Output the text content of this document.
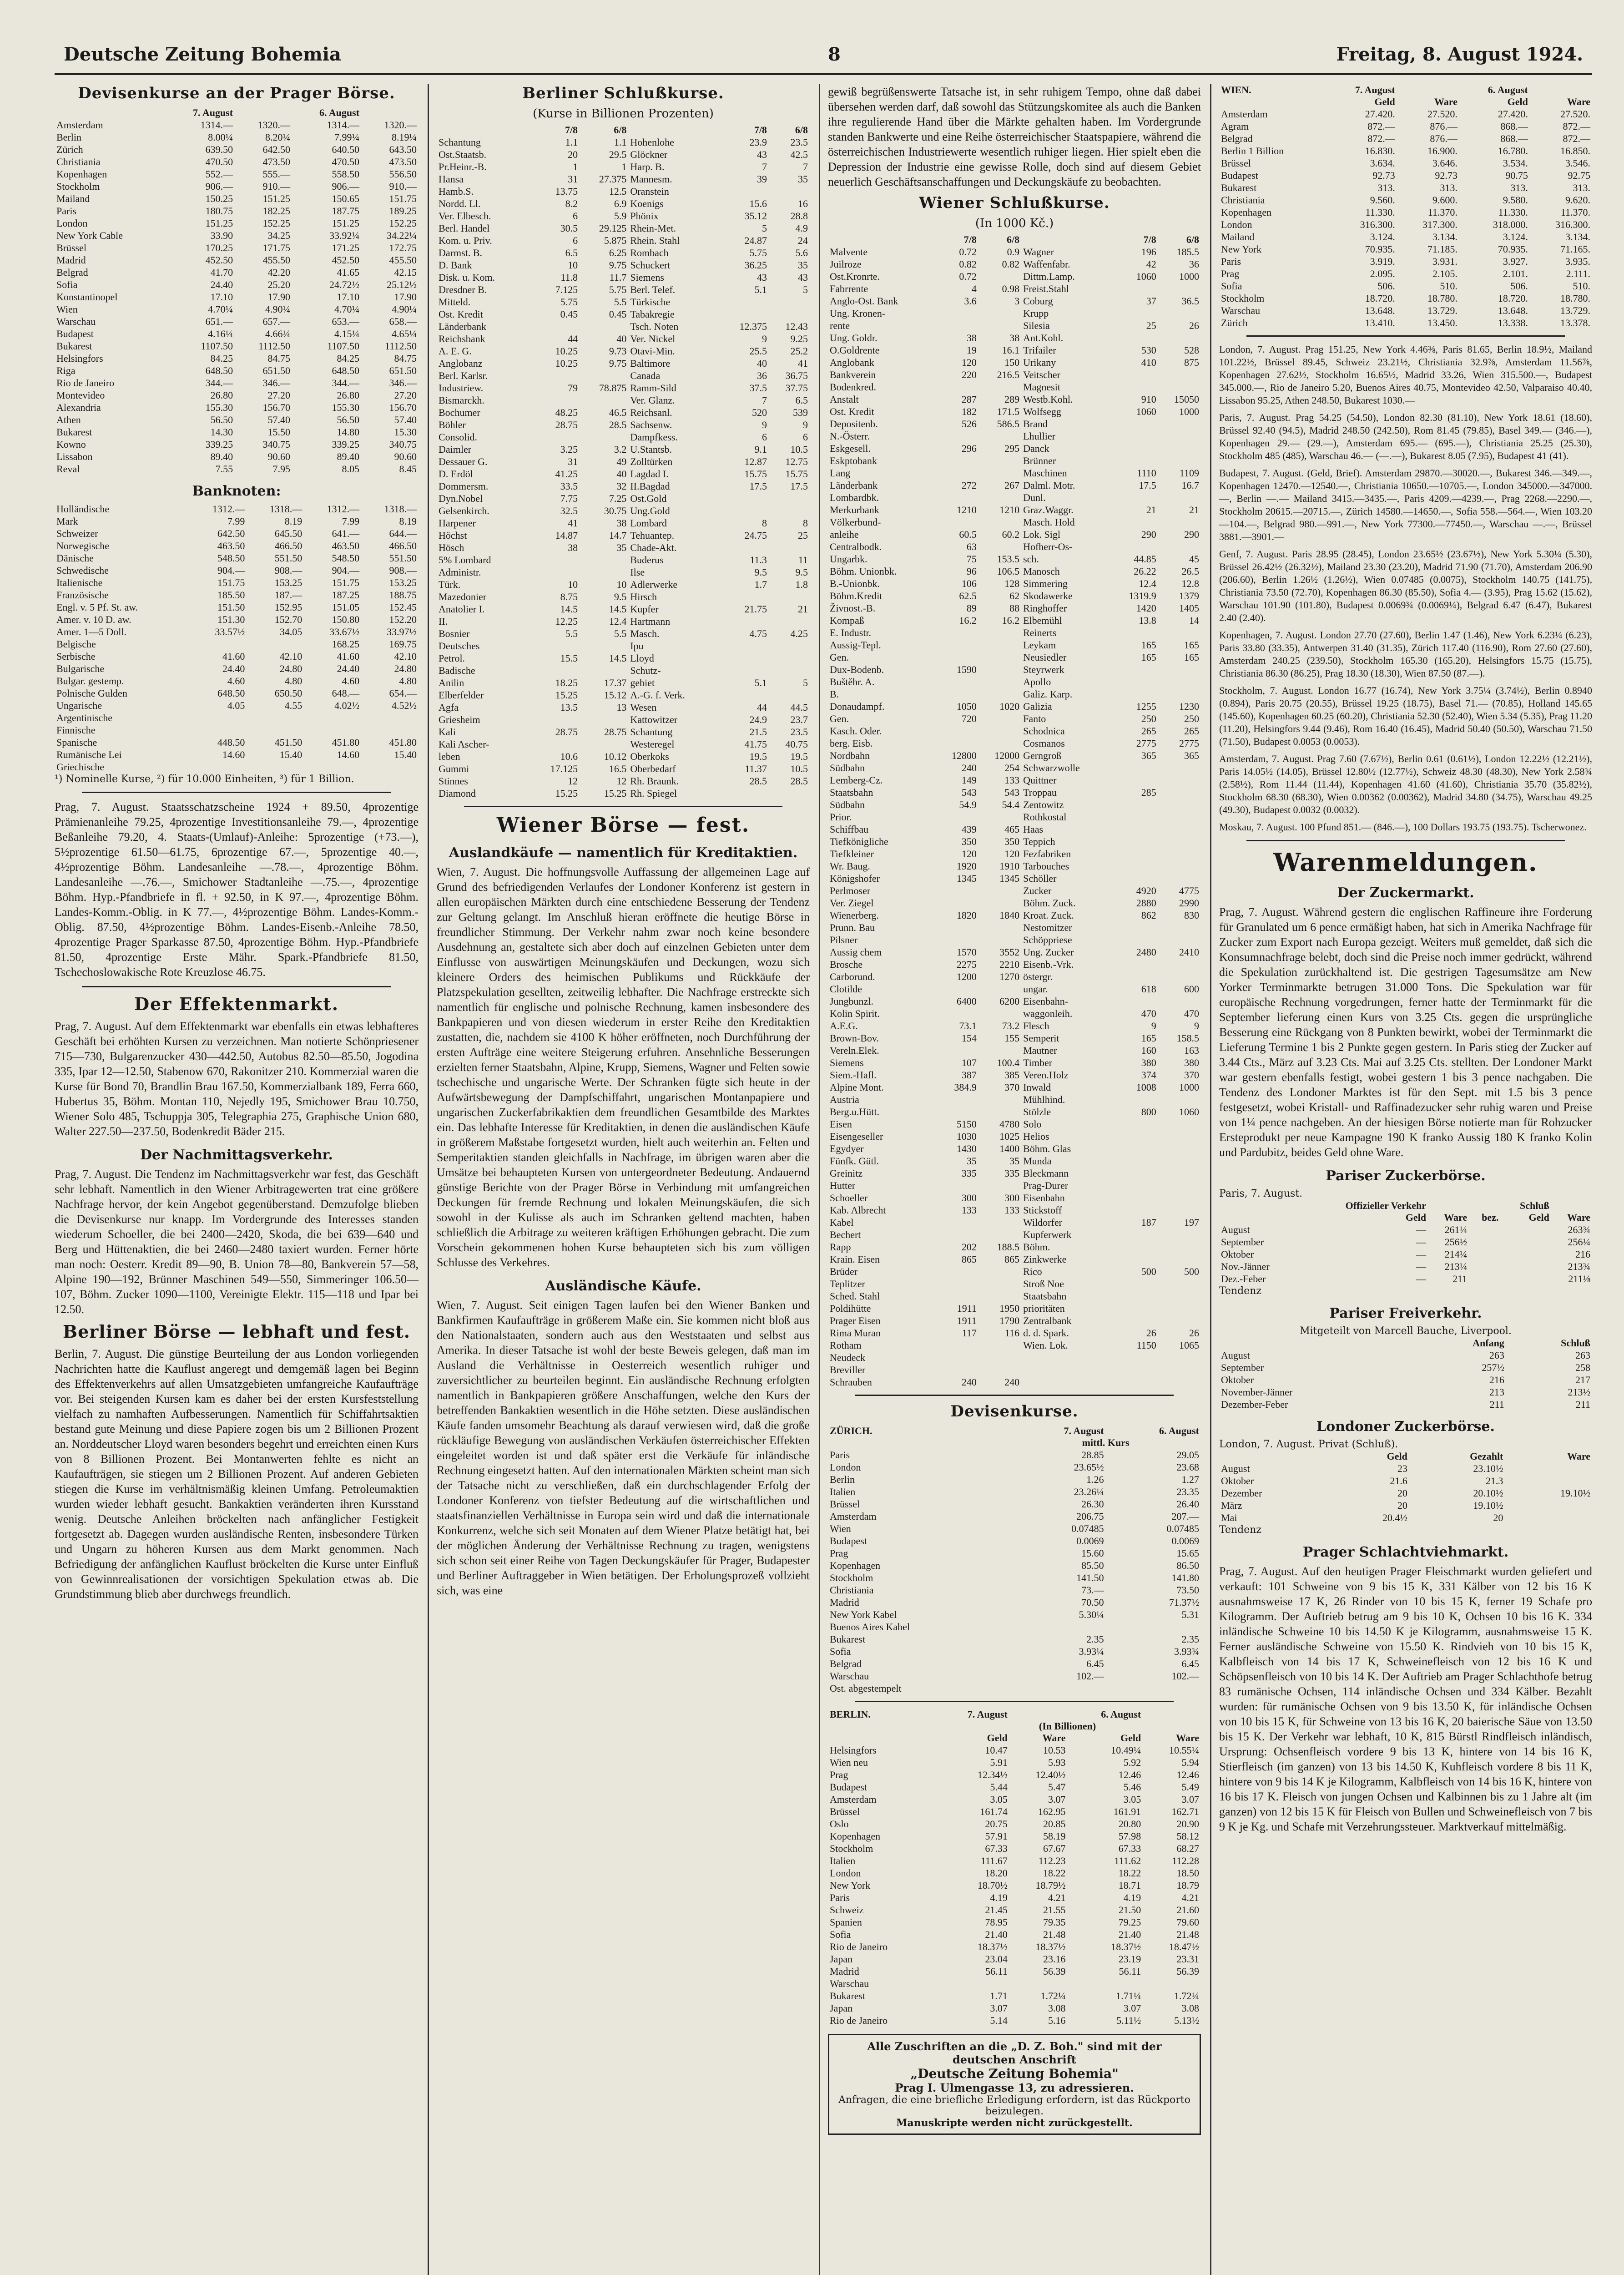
Deutsche Zeitung Bohemia	8	Freitag, 8. August 1924.
Devisenkurse an der Prager Börse.
	7. August		6. August	
Amsterdam	1314.—	1320.—	1314.—	1320.—
Berlin	8.00¼	8.20¼	7.99¼	8.19¼
Zürich	639.50	642.50	640.50	643.50
Christiania	470.50	473.50	470.50	473.50
Kopenhagen	552.—	555.—	558.50	556.50
Stockholm	906.—	910.—	906.—	910.—
Mailand	150.25	151.25	150.65	151.75
Paris	180.75	182.25	187.75	189.25
London	151.25	152.25	151.25	152.25
New York Cable	33.90	34.25	33.92¼	34.22¼
Brüssel	170.25	171.75	171.25	172.75
Madrid	452.50	455.50	452.50	455.50
Belgrad	41.70	42.20	41.65	42.15
Sofia	24.40	25.20	24.72½	25.12½
Konstantinopel	17.10	17.90	17.10	17.90
Wien	4.70¼	4.90¼	4.70¼	4.90¼
Warschau	651.—	657.—	653.—	658.—
Budapest	4.16¼	4.66¼	4.15¼	4.65¼
Bukarest	1107.50	1112.50	1107.50	1112.50
Helsingfors	84.25	84.75	84.25	84.75
Riga	648.50	651.50	648.50	651.50
Rio de Janeiro	344.—	346.—	344.—	346.—
Montevideo	26.80	27.20	26.80	27.20
Alexandria	155.30	156.70	155.30	156.70
Athen	56.50	57.40	56.50	57.40
Bukarest	14.30	15.50	14.80	15.30
Kowno	339.25	340.75	339.25	340.75
Lissabon	89.40	90.60	89.40	90.60
Reval	7.55	7.95	8.05	8.45
Banknoten:
Holländische	1312.—	1318.—	1312.—	1318.—
Mark	7.99	8.19	7.99	8.19
Schweizer	642.50	645.50	641.—	644.—
Norwegische	463.50	466.50	463.50	466.50
Dänische	548.50	551.50	548.50	551.50
Schwedische	904.—	908.—	904.—	908.—
Italienische	151.75	153.25	151.75	153.25
Französische	185.50	187.—	187.25	188.75
Engl. v. 5 Pf. St. aw.	151.50	152.95	151.05	152.45
Amer. v. 10 D. aw.	151.30	152.70	150.80	152.20
Amer. 1—5 Doll.	33.57½	34.05	33.67½	33.97½
Belgische			168.25	169.75
Serbische	41.60	42.10	41.60	42.10
Bulgarische	24.40	24.80	24.40	24.80
Bulgar. gestemp.	4.60	4.80	4.60	4.80
Polnische Gulden	648.50	650.50	648.—	654.—
Ungarische	4.05	4.55	4.02½	4.52½
Argentinische				
Finnische				
Spanische	448.50	451.50	451.80	451.80
Rumänische Lei	14.60	15.40	14.60	15.40
Griechische				
¹) Nominelle Kurse, ²) für 10.000 Einheiten, ³) für 1 Billion.

Prag, 7. August. Staatsschatzscheine 1924 + 89.50, 4prozentige Prämienanleihe 79.25, 4prozentige Investitionsanleihe 79.—, 4prozentige Beßanleihe 79.20, 4. Staats-(Umlauf)-Anleihe: 5prozentige (+73.—), 5½prozentige 61.50—61.75, 6prozentige 67.—, 5prozentige 40.—, 4½prozentige Böhm. Landesanleihe —.78.—, 4prozentige Böhm. Landesanleihe —.76.—, Smichower Stadtanleihe —.75.—, 4prozentige Böhm. Hyp.-Pfandbriefe in fl. + 92.50, in K 97.—, 4prozentige Böhm. Landes-Komm.-Oblig. in K 77.—, 4½prozentige Böhm. Landes-Komm.-Oblig. 87.50, 4½prozentige Böhm. Landes-Eisenb.-Anleihe 78.50, 4prozentige Prager Sparkasse 87.50, 4prozentige Böhm. Hyp.-Pfandbriefe 81.50, 4prozentige Erste Mähr. Spark.-Pfandbriefe 81.50, Tschechoslowakische Rote Kreuzlose 46.75.

Der Effektenmarkt.

Prag, 7. August. Auf dem Effektenmarkt war ebenfalls ein etwas lebhafteres Geschäft bei erhöhten Kursen zu verzeichnen. Man notierte Schönpriesener 715—730, Bulgarenzucker 430—442.50, Autobus 82.50—85.50, Jogodina 335, Ipar 12—12.50, Stabenow 670, Rakonitzer 210. Kommerzial waren die Kurse für Bond 70, Brandlin Brau 167.50, Kommerzialbank 189, Ferra 660, Hubertus 35, Böhm. Montan 110, Nejedly 195, Smichower Brau 10.750, Wiener Solo 485, Tschuppja 305, Telegraphia 275, Graphische Union 680, Walter 227.50—237.50, Bodenkredit Bäder 215.

Der Nachmittagsverkehr.

Prag, 7. August. Die Tendenz im Nachmittagsverkehr war fest, das Geschäft sehr lebhaft. Namentlich in den Wiener Arbitragewerten trat eine größere Nachfrage hervor, der kein Angebot gegenüberstand. Demzufolge blieben die Devisenkurse nur knapp. Im Vordergrunde des Interesses standen wiederum Schoeller, die bei 2400—2420, Skoda, die bei 639—640 und Berg und Hüttenaktien, die bei 2460—2480 taxiert wurden. Ferner hörte man noch: Oesterr. Kredit 89—90, B. Union 78—80, Bankverein 57—58, Alpine 190—192, Brünner Maschinen 549—550, Simmeringer 106.50—107, Böhm. Zucker 1090—1100, Vereinigte Elektr. 115—118 und Ipar bei 12.50.

Berliner Börse — lebhaft und fest.

Berlin, 7. August. Die günstige Beurteilung der aus London vorliegenden Nachrichten hatte die Kauflust angeregt und demgemäß lagen bei Beginn des Effektenverkehrs auf allen Umsatzgebieten umfangreiche Kaufaufträge vor. Bei steigenden Kursen kam es daher bei der ersten Kursfeststellung vielfach zu namhaften Aufbesserungen. Namentlich für Schiffahrtsaktien bestand gute Meinung und diese Papiere zogen bis um 2 Billionen Prozent an. Norddeutscher Lloyd waren besonders begehrt und erreichten einen Kurs von 8 Billionen Prozent. Bei Montanwerten fehlte es nicht an Kaufaufträgen, sie stiegen um 2 Billionen Prozent. Auf anderen Gebieten stiegen die Kurse im verhältnismäßig kleinen Umfang. Petroleumaktien wurden wieder lebhaft gesucht. Bankaktien veränderten ihren Kursstand wenig. Deutsche Anleihen bröckelten nach anfänglicher Festigkeit fortgesetzt ab. Dagegen wurden ausländische Renten, insbesondere Türken und Ungarn zu höheren Kursen aus dem Markt genommen. Nach Befriedigung der anfänglichen Kauflust bröckelten die Kurse unter Einfluß von Gewinnrealisationen der vorsichtigen Spekulation etwas ab. Die Grundstimmung blieb aber durchwegs freundlich.

Berliner Schlußkurse.
(Kurse in Billionen Prozenten)
	7/8	6/8		7/8	6/8
Schantung	1.1	1.1	Hohenlohe	23.9	23.5
Ost.Staatsb.	20	29.5	Glöckner	43	42.5
Pr.Heinr.-B.	1	1	Harp. B.	7	7
Hansa	31	27.375	Mannesm.	39	35
Hamb.S.	13.75	12.5	Oranstein		
Nordd. Ll.	8.2	6.9	Koenigs	15.6	16
Ver. Elbesch.	6	5.9	Phönix	35.12	28.8
Berl. Handel	30.5	29.125	Rhein-Met.	5	4.9
Kom. u. Priv.	6	5.875	Rhein. Stahl	24.87	24
Darmst. B.	6.5	6.25	Rombach	5.75	5.6
D. Bank	10	9.75	Schuckert	36.25	35
Disk. u. Kom.	11.8	11.7	Siemens	43	43
Dresdner B.	7.125	5.75	Berl. Telef.	5.1	5
Mitteld.	5.75	5.5	Türkische		
Ost. Kredit	0.45	0.45	Tabakregie		
Länderbank			Tsch. Noten	12.375	12.43
Reichsbank	44	40	Ver. Nickel	9	9.25
A. E. G.	10.25	9.73	Otavi-Min.	25.5	25.2
Anglobanz	10.25	9.75	Baltimore	40	41
Berl. Karlsr.			Canada	36	36.75
Industriew.	79	78.875	Ramm-Sild	37.5	37.75
Bismarckh.			Ver. Glanz.	7	6.5
Bochumer	48.25	46.5	Reichsanl.	520	539
Böhler	28.75	28.5	Sachsenw.	9	9
Consolid.			Dampfkess.	6	6
Daimler	3.25	3.2	U.Stantsb.	9.1	10.5
Dessauer G.	31	49	Zolltürken	12.87	12.75
D. Erdöl	41.25	40	Lagdad I.	15.75	15.75
Dommersm.	33.5	32	II.Bagdad	17.5	17.5
Dyn.Nobel	7.75	7.25	Ost.Gold		
Gelsenkirch.	32.5	30.75	Ung.Gold		
Harpener	41	38	Lombard	8	8
Höchst	14.87	14.7	Tehuantep.	24.75	25
Hösch	38	35	Chade-Akt.		
5% Lombard			Buderus	11.3	11
Administr.			Ilse	9.5	9.5
Türk.	10	10	Adlerwerke	1.7	1.8
Mazedonier	8.75	9.5	Hirsch		
Anatolier I.	14.5	14.5	Kupfer	21.75	21
II.	12.25	12.4	Hartmann		
Bosnier	5.5	5.5	Masch.	4.75	4.25
Deutsches			Ipu		
Petrol.	15.5	14.5	Lloyd		
Badische			Schutz-		
Anilin	18.25	17.37	gebiet	5.1	5
Elberfelder	15.25	15.12	A.-G. f. Verk.		
Agfa	13.5	13	Wesen	44	44.5
Griesheim			Kattowitzer	24.9	23.7
Kali	28.75	28.75	Schantung	21.5	23.5
Kali Ascher-			Westeregel	41.75	40.75
leben	10.6	10.12	Oberkoks	19.5	19.5
Gummi	17.125	16.5	Oberbedarf	11.37	10.5
Stinnes	12	12	Rh. Braunk.	28.5	28.5
Diamond	15.25	15.25	Rh. Spiegel		
Wiener Börse — fest.
Auslandkäufe — namentlich für Kreditaktien.

Wien, 7. August. Die hoffnungsvolle Auffassung der allgemeinen Lage auf Grund des befriedigenden Verlaufes der Londoner Konferenz ist gestern in allen europäischen Märkten durch eine entschiedene Besserung der Tendenz zur Geltung gelangt. Im Anschluß hieran eröffnete die heutige Börse in freundlicher Stimmung. Der Verkehr nahm zwar noch keine besondere Ausdehnung an, gestaltete sich aber doch auf einzelnen Gebieten unter dem Einflusse von auswärtigen Meinungskäufen und Deckungen, wozu sich kleinere Orders des heimischen Publikums und Rückkäufe der Platzspekulation gesellten, zeitweilig lebhafter. Die Nachfrage erstreckte sich namentlich für englische und polnische Rechnung, kamen insbesondere des Bankpapieren und von diesen wiederum in erster Reihe den Kreditaktien zustatten, die, nachdem sie 4100 K höher eröffneten, noch Durchführung der ersten Aufträge eine weitere Steigerung erfuhren. Ansehnliche Besserungen erzielten ferner Staatsbahn, Alpine, Krupp, Siemens, Wagner und Felten sowie tschechische und ungarische Werte. Der Schranken fügte sich heute in der Aufwärtsbewegung der Dampfschiffahrt, ungarischen Montanpapiere und ungarischen Zuckerfabrikaktien dem freundlichen Gesamtbilde des Marktes ein. Das lebhafte Interesse für Kreditaktien, in denen die ausländischen Käufe in größerem Maßstabe fortgesetzt wurden, hielt auch weiterhin an. Felten und Semperitaktien standen gleichfalls in Nachfrage, im übrigen waren aber die Umsätze bei behaupteten Kursen von untergeordneter Bedeutung. Andauernd günstige Berichte von der Prager Börse in Verbindung mit umfangreichen Deckungen für fremde Rechnung und lokalen Meinungskäufen, die sich sowohl in der Kulisse als auch im Schranken geltend machten, haben schließlich die Arbitrage zu weiteren kräftigen Erhöhungen gebracht. Die zum Vorschein gekommenen hohen Kurse behaupteten sich bis zum völligen Schlusse des Verkehres.

Ausländische Käufe.

Wien, 7. August. Seit einigen Tagen laufen bei den Wiener Banken und Bankfirmen Kaufaufträge in größerem Maße ein. Sie kommen nicht bloß aus den Nationalstaaten, sondern auch aus den Weststaaten und selbst aus Amerika. In dieser Tatsache ist wohl der beste Beweis gelegen, daß man im Ausland die Verhältnisse in Oesterreich wesentlich ruhiger und zuversichtlicher zu beurteilen beginnt. Ein ausländische Rechnung erfolgten namentlich in Bankpapieren größere Anschaffungen, welche den Kurs der betreffenden Bankaktien wesentlich in die Höhe setzten. Diese ausländischen Käufe fanden umsomehr Beachtung als darauf verwiesen wird, daß die große rückläufige Bewegung von ausländischen Verkäufen österreichischer Effekten eingeleitet worden ist und daß später erst die Verkäufe für inländische Rechnung eingesetzt hatten. Auf den internationalen Märkten scheint man sich der Tatsache nicht zu verschließen, daß ein durchschlagender Erfolg der Londoner Konferenz von tiefster Bedeutung auf die wirtschaftlichen und staatsfinanziellen Verhältnisse in Europa sein wird und daß die internationale Konkurrenz, welche sich seit Monaten auf dem Wiener Platze betätigt hat, bei der möglichen Änderung der Verhältnisse Rechnung zu tragen, wenigstens sich schon seit einer Reihe von Tagen Deckungskäufer für Prager, Budapester und Berliner Auftraggeber in Wien betätigen. Der Erholungsprozeß vollzieht sich, was eine

gewiß begrüßenswerte Tatsache ist, in sehr ruhigem Tempo, ohne daß dabei übersehen werden darf, daß sowohl das Stützungskomitee als auch die Banken ihre regulierende Hand über die Märkte gehalten haben. Im Vordergrunde standen Bankwerte und eine Reihe österreichischer Staatspapiere, während die österreichischen Industriewerte wesentlich ruhiger liegen. Hier spielt eben die Depression der Industrie eine gewisse Rolle, doch sind auf diesem Gebiet neuerlich Geschäftsanschaffungen und Deckungskäufe zu beobachten.

Wiener Schlußkurse.
(In 1000 Kč.)
	7/8	6/8		7/8	6/8
Malvente	0.72	0.9	Wagner	196	185.5
Juilroze	0.82	0.82	Waffenfabr.	42	36
Ost.Kronrte.	0.72		Dittm.Lamp.	1060	1000
Fabrrente	4	0.98	Freist.Stahl		
Anglo-Ost. Bank	3.6	3	Coburg	37	36.5
Ung. Kronen-			Krupp		
rente			Silesia	25	26
Ung. Goldr.	38	38	Ant.Kohl.		
O.Goldrente	19	16.1	Trifailer	530	528
Anglobank	120	150	Urikany	410	875
Bankverein	220	216.5	Veitscher		
Bodenkred.			Magnesit		
Anstalt	287	289	Westb.Kohl.	910	15050
Ost. Kredit	182	171.5	Wolfsegg	1060	1000
Depositenb.	526	586.5	Brand		
N.-Österr.			Lhullier		
Eskgesell.	296	295	Danck		
Eskptobank			Brünner		
Lang			Maschinen	1110	1109
Länderbank	272	267	Dalml. Motr.	17.5	16.7
Lombardbk.			Dunl.		
Merkurbank	1210	1210	Graz.Waggr.	21	21
Völkerbund-			Masch. Hold		
anleihe	60.5	60.2	Lok. Sigl	290	290
Centralbodk.	63		Hofherr-Os-		
Ungarbk.	75	153.5	sch.	44.85	45
Böhm. Unionbk.	96	106.5	Manosch	26.22	26.5
B.-Unionbk.	106	128	Simmering	12.4	12.8
Böhm.Kredit	62.5	62	Skodawerke	1319.9	1379
Živnost.-B.	89	88	Ringhoffer	1420	1405
Kompaß	16.2	16.2	Elbemühl	13.8	14
E. Industr.			Reinerts		
Aussig-Tepl.			Leykam	165	165
Gen.			Neusiedler	165	165
Dux-Bodenb.	1590		Steyrwerk		
Buštěhr. A.			Apollo		
B.			Galiz. Karp.		
Donaudampf.	1050	1020	Galizia	1255	1230
Gen.	720		Fanto	250	250
Kasch. Oder.			Schodnica	265	265
berg. Eisb.			Cosmanos	2775	2775
Nordbahn	12800	12000	Gerngroß	365	365
Südbahn	240	254	Schwarzwolle		
Lemberg-Cz.	149	133	Quittner		
Staatsbahn	543	543	Troppau	285	
Südbahn	54.9	54.4	Zentowitz		
Prior.			Rothkostal		
Schiffbau	439	465	Haas		
Tiefkönigliche	350	350	Teppich		
Tiefkleiner	120	120	Fezfabriken		
Wr. Baug.	1920	1910	Tarbouches		
Königshofer	1345	1345	Schöller		
Perlmoser			Zucker	4920	4775
Ver. Ziegel			Böhm. Zuck.	2880	2990
Wienerberg.	1820	1840	Kroat. Zuck.	862	830
Prunn. Bau			Nestomitzer		
Pilsner			Schöppriese		
Aussig chem	1570	3552	Ung. Zucker	2480	2410
Brosche	2275	2210	Eisenb.-Vrk.		
Carborund.	1200	1270	östergr.		
Clotilde			ungar.	618	600
Jungbunzl.	6400	6200	Eisenbahn-		
Kolin Spirit.			waggonleih.	470	470
A.E.G.	73.1	73.2	Flesch	9	9
Brown-Bov.	154	155	Semperit	165	158.5
Vereln.Elek.			Mautner	160	163
Siemens	107	100.4	Timber	380	380
Siem.-Hafl.	387	385	Veren.Holz	374	370
Alpine Mont.	384.9	370	Inwald	1008	1000
Austria			Mühlhind.		
Berg.u.Hütt.			Stölzle	800	1060
Eisen	5150	4780	Solo		
Eisengeseller	1030	1025	Helios		
Egydyer	1430	1400	Böhm. Glas		
Fünfk. Gütl.	35	35	Munda		
Greinitz	335	335	Bleckmann		
Hutter			Prag-Durer		
Schoeller	300	300	Eisenbahn		
Kab. Albrecht	133	133	Stickstoff		
Kabel			Wildorfer	187	197
Bechert			Kupferwerk		
Rapp	202	188.5	Böhm.		
Krain. Eisen	865	865	Zinkwerke		
Brüder			Rico	500	500
Teplitzer			Stroß Noe		
Sched. Stahl			Staatsbahn		
Poldihütte	1911	1950	prioritäten		
Prager Eisen	1911	1790	Zentralbank		
Rima Muran	117	116	d. d. Spark.	26	26
Rotham			Wien. Lok.	1150	1065
Neudeck					
Breviller					
Schrauben	240	240			
Devisenkurse.
ZÜRICH.	7. August	6. August
	mittl. Kurs	
Paris	28.85	29.05
London	23.65½	23.68
Berlin	1.26	1.27
Italien	23.26¼	23.35
Brüssel	26.30	26.40
Amsterdam	206.75	207.—
Wien	0.07485	0.07485
Budapest	0.0069	0.0069
Prag	15.60	15.65
Kopenhagen	85.50	86.50
Stockholm	141.50	141.80
Christiania	73.—	73.50
Madrid	70.50	71.37½
New York Kabel	5.30¼	5.31
Buenos Aires Kabel		
Bukarest	2.35	2.35
Sofia	3.93¼	3.93¾
Belgrad	6.45	6.45
Warschau	102.—	102.—
Ost. abgestempelt		
BERLIN.	7. August		6. August	
	(In Billionen)			
	Geld	Ware	Geld	Ware
Helsingfors	10.47	10.53	10.49¼	10.55¼
Wien neu	5.91	5.93	5.92	5.94
Prag	12.34½	12.40½	12.46	12.46
Budapest	5.44	5.47	5.46	5.49
Amsterdam	3.05	3.07	3.05	3.07
Brüssel	161.74	162.95	161.91	162.71
Oslo	20.75	20.85	20.80	20.90
Kopenhagen	57.91	58.19	57.98	58.12
Stockholm	67.33	67.67	67.33	68.27
Italien	111.67	112.23	111.62	112.28
London	18.20	18.22	18.22	18.50
New York	18.70½	18.79½	18.71	18.79
Paris	4.19	4.21	4.19	4.21
Schweiz	21.45	21.55	21.50	21.60
Spanien	78.95	79.35	79.25	79.60
Sofia	21.40	21.48	21.40	21.48
Rio de Janeiro	18.37½	18.37½	18.37½	18.47½
Japan	23.04	23.16	23.19	23.31
Madrid	56.11	56.39	56.11	56.39
Warschau				
Bukarest	1.71	1.72¼	1.71¼	1.72¼
Japan	3.07	3.08	3.07	3.08
Rio de Janeiro	5.14	5.16	5.11½	5.13½
Alle Zuschriften an die „D. Z. Boh." sind mit der deutschen Anschrift
„Deutsche Zeitung Bohemia"
Prag I. Ulmengasse 13, zu adressieren.
Anfragen, die eine briefliche Erledigung erfordern, ist das Rückporto beizulegen.
Manuskripte werden nicht zurückgestellt.
WIEN.	7. August		6. August	
	Geld	Ware	Geld	Ware
Amsterdam	27.420.	27.520.	27.420.	27.520.
Agram	872.—	876.—	868.—	872.—
Belgrad	872.—	876.—	868.—	872.—
Berlin 1 Billion	16.830.	16.900.	16.780.	16.850.
Brüssel	3.634.	3.646.	3.534.	3.546.
Budapest	92.73	92.73	90.75	92.75
Bukarest	313.	313.	313.	313.
Christiania	9.560.	9.600.	9.580.	9.620.
Kopenhagen	11.330.	11.370.	11.330.	11.370.
London	316.300.	317.300.	318.000.	316.300.
Mailand	3.124.	3.134.	3.124.	3.134.
New York	70.935.	71.185.	70.935.	71.165.
Paris	3.919.	3.931.	3.927.	3.935.
Prag	2.095.	2.105.	2.101.	2.111.
Sofia	506.	510.	506.	510.
Stockholm	18.720.	18.780.	18.720.	18.780.
Warschau	13.648.	13.729.	13.648.	13.729.
Zürich	13.410.	13.450.	13.338.	13.378.

London, 7. August. Prag 151.25, New York 4.46⅜, Paris 81.65, Berlin 18.9½, Mailand 101.22½, Brüssel 89.45, Schweiz 23.21½, Christiania 32.9⅞, Amsterdam 11.56⅞, Kopenhagen 27.62½, Stockholm 16.65½, Madrid 33.26, Wien 315.500.—, Budapest 345.000.—, Rio de Janeiro 5.20, Buenos Aires 40.75, Montevideo 42.50, Valparaiso 40.40, Lissabon 95.25, Athen 248.50, Bukarest 1030.—

Paris, 7. August. Prag 54.25 (54.50), London 82.30 (81.10), New York 18.61 (18.60), Brüssel 92.40 (94.5), Madrid 248.50 (242.50), Rom 81.45 (79.85), Basel 349.— (346.—), Kopenhagen 29.— (29.—), Amsterdam 695.— (695.—), Christiania 25.25 (25.30), Stockholm 485 (485), Warschau 46.— (—.—), Bukarest 8.05 (7.95), Budapest 41 (41).

Budapest, 7. August. (Geld, Brief). Amsterdam 29870.—30020.—, Bukarest 346.—349.—, Kopenhagen 12470.—12540.—, Christiania 10650.—10705.—, London 345000.—347000.—, Berlin —.— Mailand 3415.—3435.—, Paris 4209.—4239.—, Prag 2268.—2290.—, Stockholm 20615.—20715.—, Zürich 14580.—14650.—, Sofia 558.—564.—, Wien 103.20—104.—, Belgrad 980.—991.—, New York 77300.—77450.—, Warschau —.—, Brüssel 3881.—3901.—

Genf, 7. August. Paris 28.95 (28.45), London 23.65½ (23.67½), New York 5.30¼ (5.30), Brüssel 26.42½ (26.32½), Mailand 23.30 (23.20), Madrid 71.90 (71.70), Amsterdam 206.90 (206.60), Berlin 1.26½ (1.26½), Wien 0.07485 (0.0075), Stockholm 140.75 (141.75), Christiania 73.50 (72.70), Kopenhagen 86.30 (85.50), Sofia 4.— (3.95), Prag 15.62 (15.62), Warschau 101.90 (101.80), Budapest 0.0069¾ (0.0069¼), Belgrad 6.47 (6.47), Bukarest 2.40 (2.40).

Kopenhagen, 7. August. London 27.70 (27.60), Berlin 1.47 (1.46), New York 6.23¼ (6.23), Paris 33.80 (33.35), Antwerpen 31.40 (31.35), Zürich 117.40 (116.90), Rom 27.60 (27.60), Amsterdam 240.25 (239.50), Stockholm 165.30 (165.20), Helsingfors 15.75 (15.75), Christiania 86.30 (86.25), Prag 18.30 (18.30), Wien 87.50 (87.—).

Stockholm, 7. August. London 16.77 (16.74), New York 3.75¼ (3.74½), Berlin 0.8940 (0.894), Paris 20.75 (20.55), Brüssel 19.25 (18.75), Basel 71.— (70.85), Holland 145.65 (145.60), Kopenhagen 60.25 (60.20), Christiania 52.30 (52.40), Wien 5.34 (5.35), Prag 11.20 (11.20), Helsingfors 9.44 (9.46), Rom 16.40 (16.45), Madrid 50.40 (50.50), Warschau 71.50 (71.50), Budapest 0.0053 (0.0053).

Amsterdam, 7. August. Prag 7.60 (7.67½), Berlin 0.61 (0.61½), London 12.22½ (12.21½), Paris 14.05½ (14.05), Brüssel 12.80½ (12.77½), Schweiz 48.30 (48.30), New York 2.58¾ (2.58½), Rom 11.44 (11.44), Kopenhagen 41.60 (41.60), Christiania 35.70 (35.82½), Stockholm 68.30 (68.30), Wien 0.00362 (0.00362), Madrid 34.80 (34.75), Warschau 49.25 (49.30), Budapest 0.0032 (0.0032).

Moskau, 7. August. 100 Pfund 851.— (846.—), 100 Dollars 193.75 (193.75). Tscherwonez.

Warenmeldungen.
Der Zuckermarkt.

Prag, 7. August. Während gestern die englischen Raffineure ihre Forderung für Granulated um 6 pence ermäßigt haben, hat sich in Amerika Nachfrage für Zucker zum Export nach Europa gezeigt. Weiters muß gemeldet, daß sich die Konsumnachfrage belebt, doch sind die Preise noch immer gedrückt, während die Spekulation zurückhaltend ist. Die gestrigen Tagesumsätze am New Yorker Terminmarkte betrugen 31.000 Tons. Die Spekulation war für europäische Rechnung vorgedrungen, ferner hatte der Terminmarkt für die September lieferung einen Kurs von 3.25 Cts. gegen die ursprüngliche Besserung eine Rückgang von 8 Punkten bewirkt, wobei der Terminmarkt die Lieferung Termine 1 bis 2 Punkte gegen gestern. In Paris stieg der Zucker auf 3.44 Cts., März auf 3.23 Cts. Mai auf 3.25 Cts. stellten. Der Londoner Markt war gestern ebenfalls festigt, wobei gestern 1 bis 3 pence nachgaben. Die Tendenz des Londoner Marktes ist für den Sept. mit 1.5 bis 3 pence festgesetzt, wobei Kristall- und Raffinadezucker sehr ruhig waren und Preise von 1¼ pence nachgeben. An der hiesigen Börse notierte man für Rohzucker Ersteprodukt per neue Kampagne 190 K franko Aussig 180 K franko Kolin und Pardubitz, beides Geld ohne Ware.

Pariser Zuckerbörse.
Paris, 7. August.
	Offizieller Verkehr			Schluß	
	Geld	Ware	bez.	Geld	Ware
August	—	261¼			263¾
September	—	256½			256¼
Oktober	—	214¼			216
Nov.-Jänner	—	213¼			213¾
Dez.-Feber	—	211			211⅛
Tendenz
Pariser Freiverkehr.
Mitgeteilt von Marcell Bauche, Liverpool.
	Anfang	Schluß
August	263	263
September	257½	258
Oktober	216	217
November-Jänner	213	213½
Dezember-Feber	211	211
Londoner Zuckerbörse.
London, 7. August. Privat (Schluß).
	Geld	Gezahlt	Ware
August	23	23.10½	
Oktober	21.6	21.3	
Dezember	20	20.10½	19.10½
März	20	19.10½	
Mai	20.4½	20	
Tendenz
Prager Schlachtviehmarkt.

Prag, 7. August. Auf den heutigen Prager Fleischmarkt wurden geliefert und verkauft: 101 Schweine von 9 bis 15 K, 331 Kälber von 12 bis 16 K ausnahmsweise 17 K, 26 Rinder von 10 bis 15 K, ferner 19 Schafe pro Kilogramm. Der Auftrieb betrug am 9 bis 10 K, Ochsen 10 bis 16 K. 334 inländische Schweine 10 bis 14.50 K je Kilogramm, ausnahmsweise 15 K. Ferner ausländische Schweine von 15.50 K. Rindvieh von 10 bis 15 K, Kalbfleisch von 14 bis 17 K, Schweinefleisch von 12 bis 16 K und Schöpsenfleisch von 10 bis 14 K. Der Auftrieb am Prager Schlachthofe betrug 83 rumänische Ochsen, 114 inländische Ochsen und 334 Kälber. Bezahlt wurden: für rumänische Ochsen von 9 bis 13.50 K, für inländische Ochsen von 10 bis 15 K, für Schweine von 13 bis 16 K, 20 baierische Säue von 13.50 bis 15 K. Der Verkehr war lebhaft, 10 K, 815 Bürstl Rindfleisch inländisch, Ursprung: Ochsenfleisch vordere 9 bis 13 K, hintere von 14 bis 16 K, Stierfleisch (im ganzen) von 13 bis 14.50 K, Kuhfleisch vordere 8 bis 11 K, hintere von 9 bis 14 K je Kilogramm, Kalbfleisch von 14 bis 16 K, hintere von 16 bis 17 K. Fleisch von jungen Ochsen und Kalbinnen bis zu 1 Jahre alt (im ganzen) von 12 bis 15 K für Fleisch von Bullen und Schweinefleisch von 7 bis 9 K je Kg. und Schafe mit Verzehrungssteuer. Marktverkauf mittelmäßig.
